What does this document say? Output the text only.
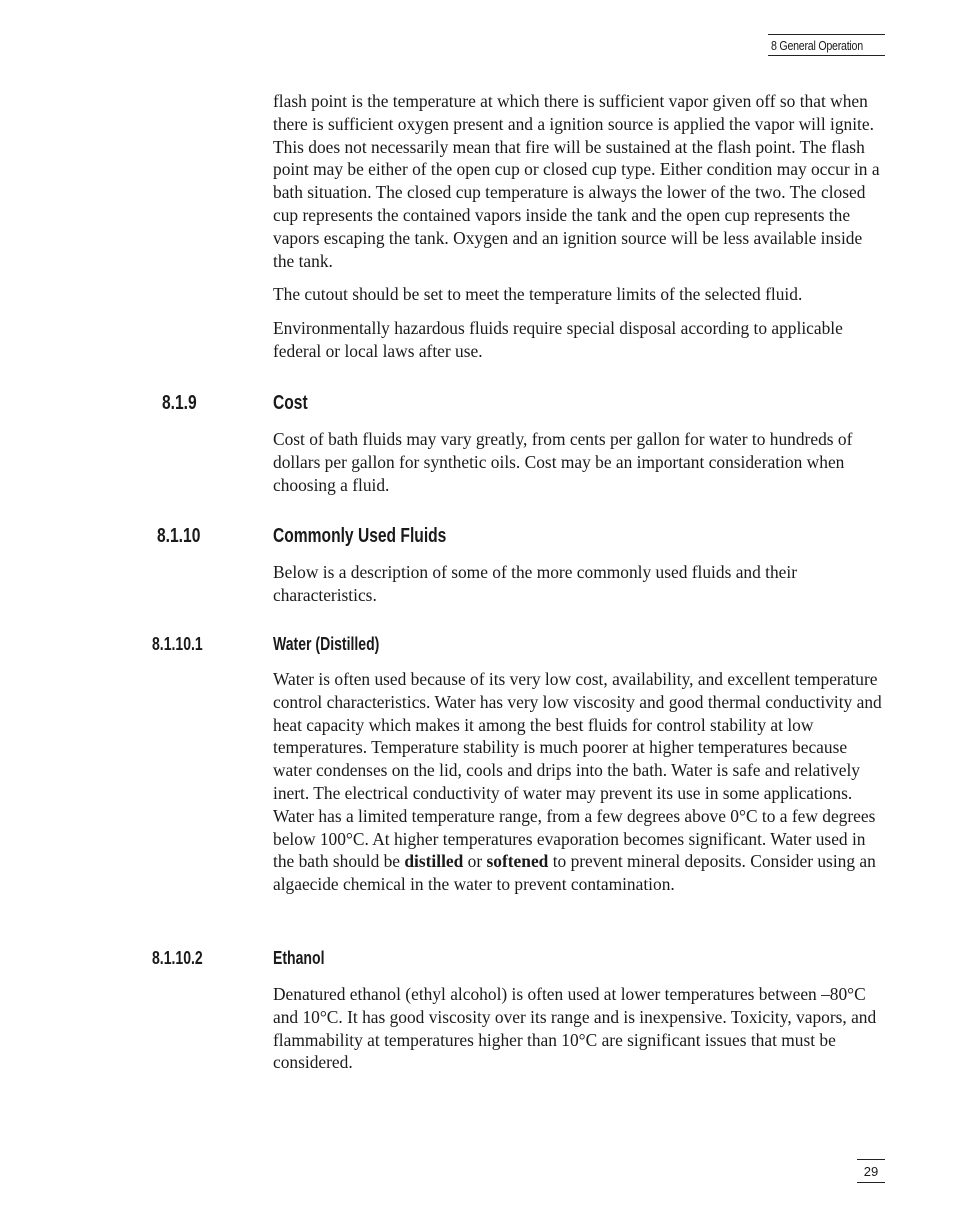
8 General Operation

flash point is the temperature at which there is sufficient vapor given off so that when there is sufficient oxygen present and a ignition source is applied the vapor will ignite. This does not necessarily mean that fire will be sustained at the flash point. The flash point may be either of the open cup or closed cup type. Either condition may occur in a bath situation. The closed cup temperature is always the lower of the two. The closed cup represents the contained vapors inside the tank and the open cup represents the vapors escaping the tank. Oxygen and an ignition source will be less available inside the tank.

The cutout should be set to meet the temperature limits of the selected fluid.

Environmentally hazardous fluids require special disposal according to applicable federal or local laws after use.

8.1.9	Cost

Cost of bath fluids may vary greatly, from cents per gallon for water to hundreds of dollars per gallon for synthetic oils. Cost may be an important consideration when choosing a fluid.

8.1.10	Commonly Used Fluids

Below is a description of some of the more commonly used fluids and their characteristics.

8.1.10.1	Water (Distilled)

Water is often used because of its very low cost, availability, and excellent temperature control characteristics. Water has very low viscosity and good thermal conductivity and heat capacity which makes it among the best fluids for control stability at low temperatures. Temperature stability is much poorer at higher temperatures because water condenses on the lid, cools and drips into the bath. Water is safe and relatively inert. The electrical conductivity of water may prevent its use in some applications. Water has a limited temperature range, from a few degrees above 0°C to a few degrees below 100°C. At higher temperatures evaporation becomes significant. Water used in the bath should be distilled or softened to prevent mineral deposits. Consider using an algaecide chemical in the water to prevent contamination.

8.1.10.2	Ethanol

Denatured ethanol (ethyl alcohol) is often used at lower temperatures between –80°C and 10°C. It has good viscosity over its range and is inexpensive. Toxicity, vapors, and flammability at temperatures higher than 10°C are significant issues that must be considered.

29
